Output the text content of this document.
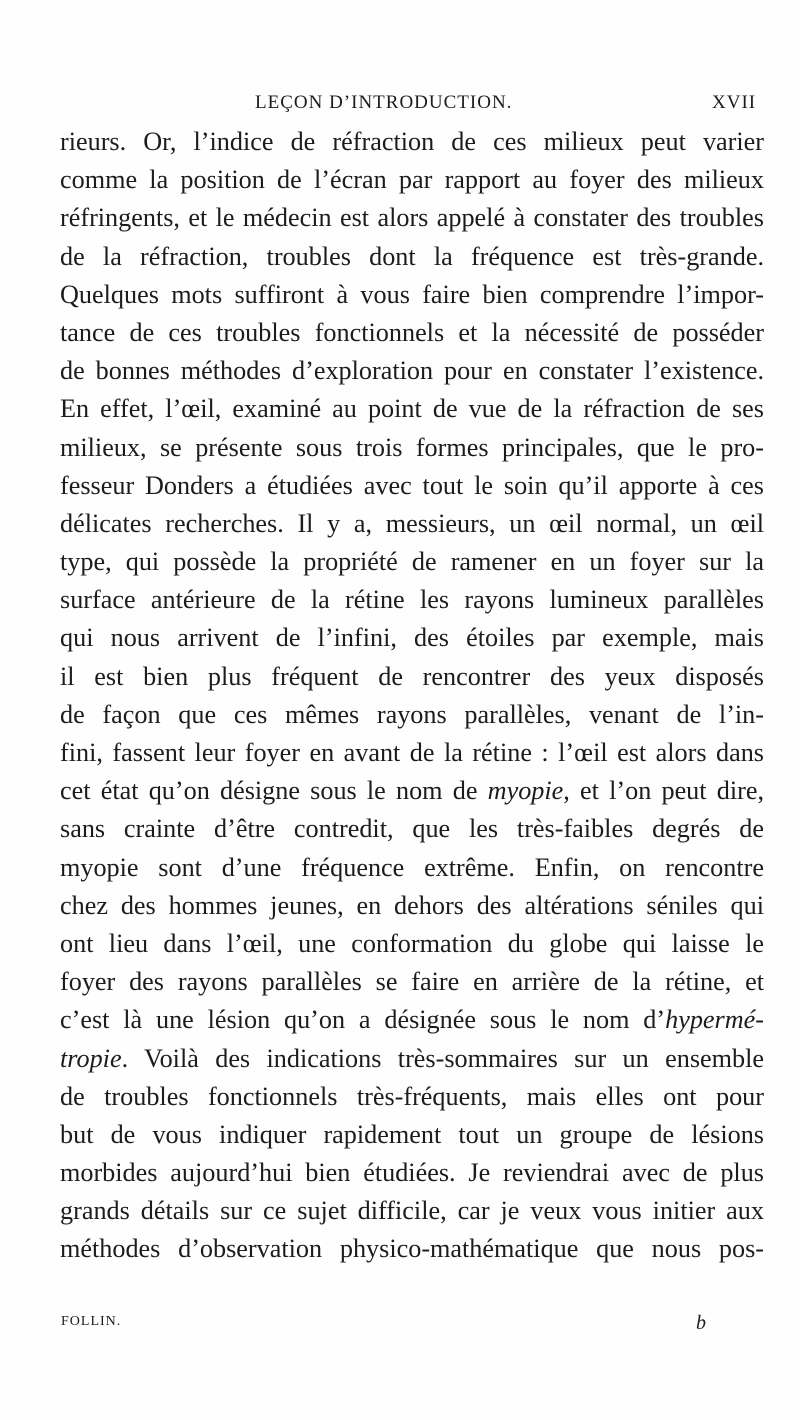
LEÇON D’INTRODUCTION.	XVII
rieurs. Or, l’indice de réfraction de ces milieux peut varier
comme la position de l’écran par rapport au foyer des milieux
réfringents, et le médecin est alors appelé à constater des troubles
de la réfraction, troubles dont la fréquence est très-grande.
Quelques mots suffiront à vous faire bien comprendre l’impor-
tance de ces troubles fonctionnels et la nécessité de posséder
de bonnes méthodes d’exploration pour en constater l’existence.
En effet, l’œil, examiné au point de vue de la réfraction de ses
milieux, se présente sous trois formes principales, que le pro-
fesseur Donders a étudiées avec tout le soin qu’il apporte à ces
délicates recherches. Il y a, messieurs, un œil normal, un œil
type, qui possède la propriété de ramener en un foyer sur la
surface antérieure de la rétine les rayons lumineux parallèles
qui nous arrivent de l’infini, des étoiles par exemple, mais
il est bien plus fréquent de rencontrer des yeux disposés
de façon que ces mêmes rayons parallèles, venant de l’in-
fini, fassent leur foyer en avant de la rétine : l’œil est alors dans
cet état qu’on désigne sous le nom de myopie, et l’on peut dire,
sans crainte d’être contredit, que les très-faibles degrés de
myopie sont d’une fréquence extrême. Enfin, on rencontre
chez des hommes jeunes, en dehors des altérations séniles qui
ont lieu dans l’œil, une conformation du globe qui laisse le
foyer des rayons parallèles se faire en arrière de la rétine, et
c’est là une lésion qu’on a désignée sous le nom d’hypermé-
tropie. Voilà des indications très-sommaires sur un ensemble
de troubles fonctionnels très-fréquents, mais elles ont pour
but de vous indiquer rapidement tout un groupe de lésions
morbides aujourd’hui bien étudiées. Je reviendrai avec de plus
grands détails sur ce sujet difficile, car je veux vous initier aux
méthodes d’observation physico-mathématique que nous pos-
FOLLIN.	b
